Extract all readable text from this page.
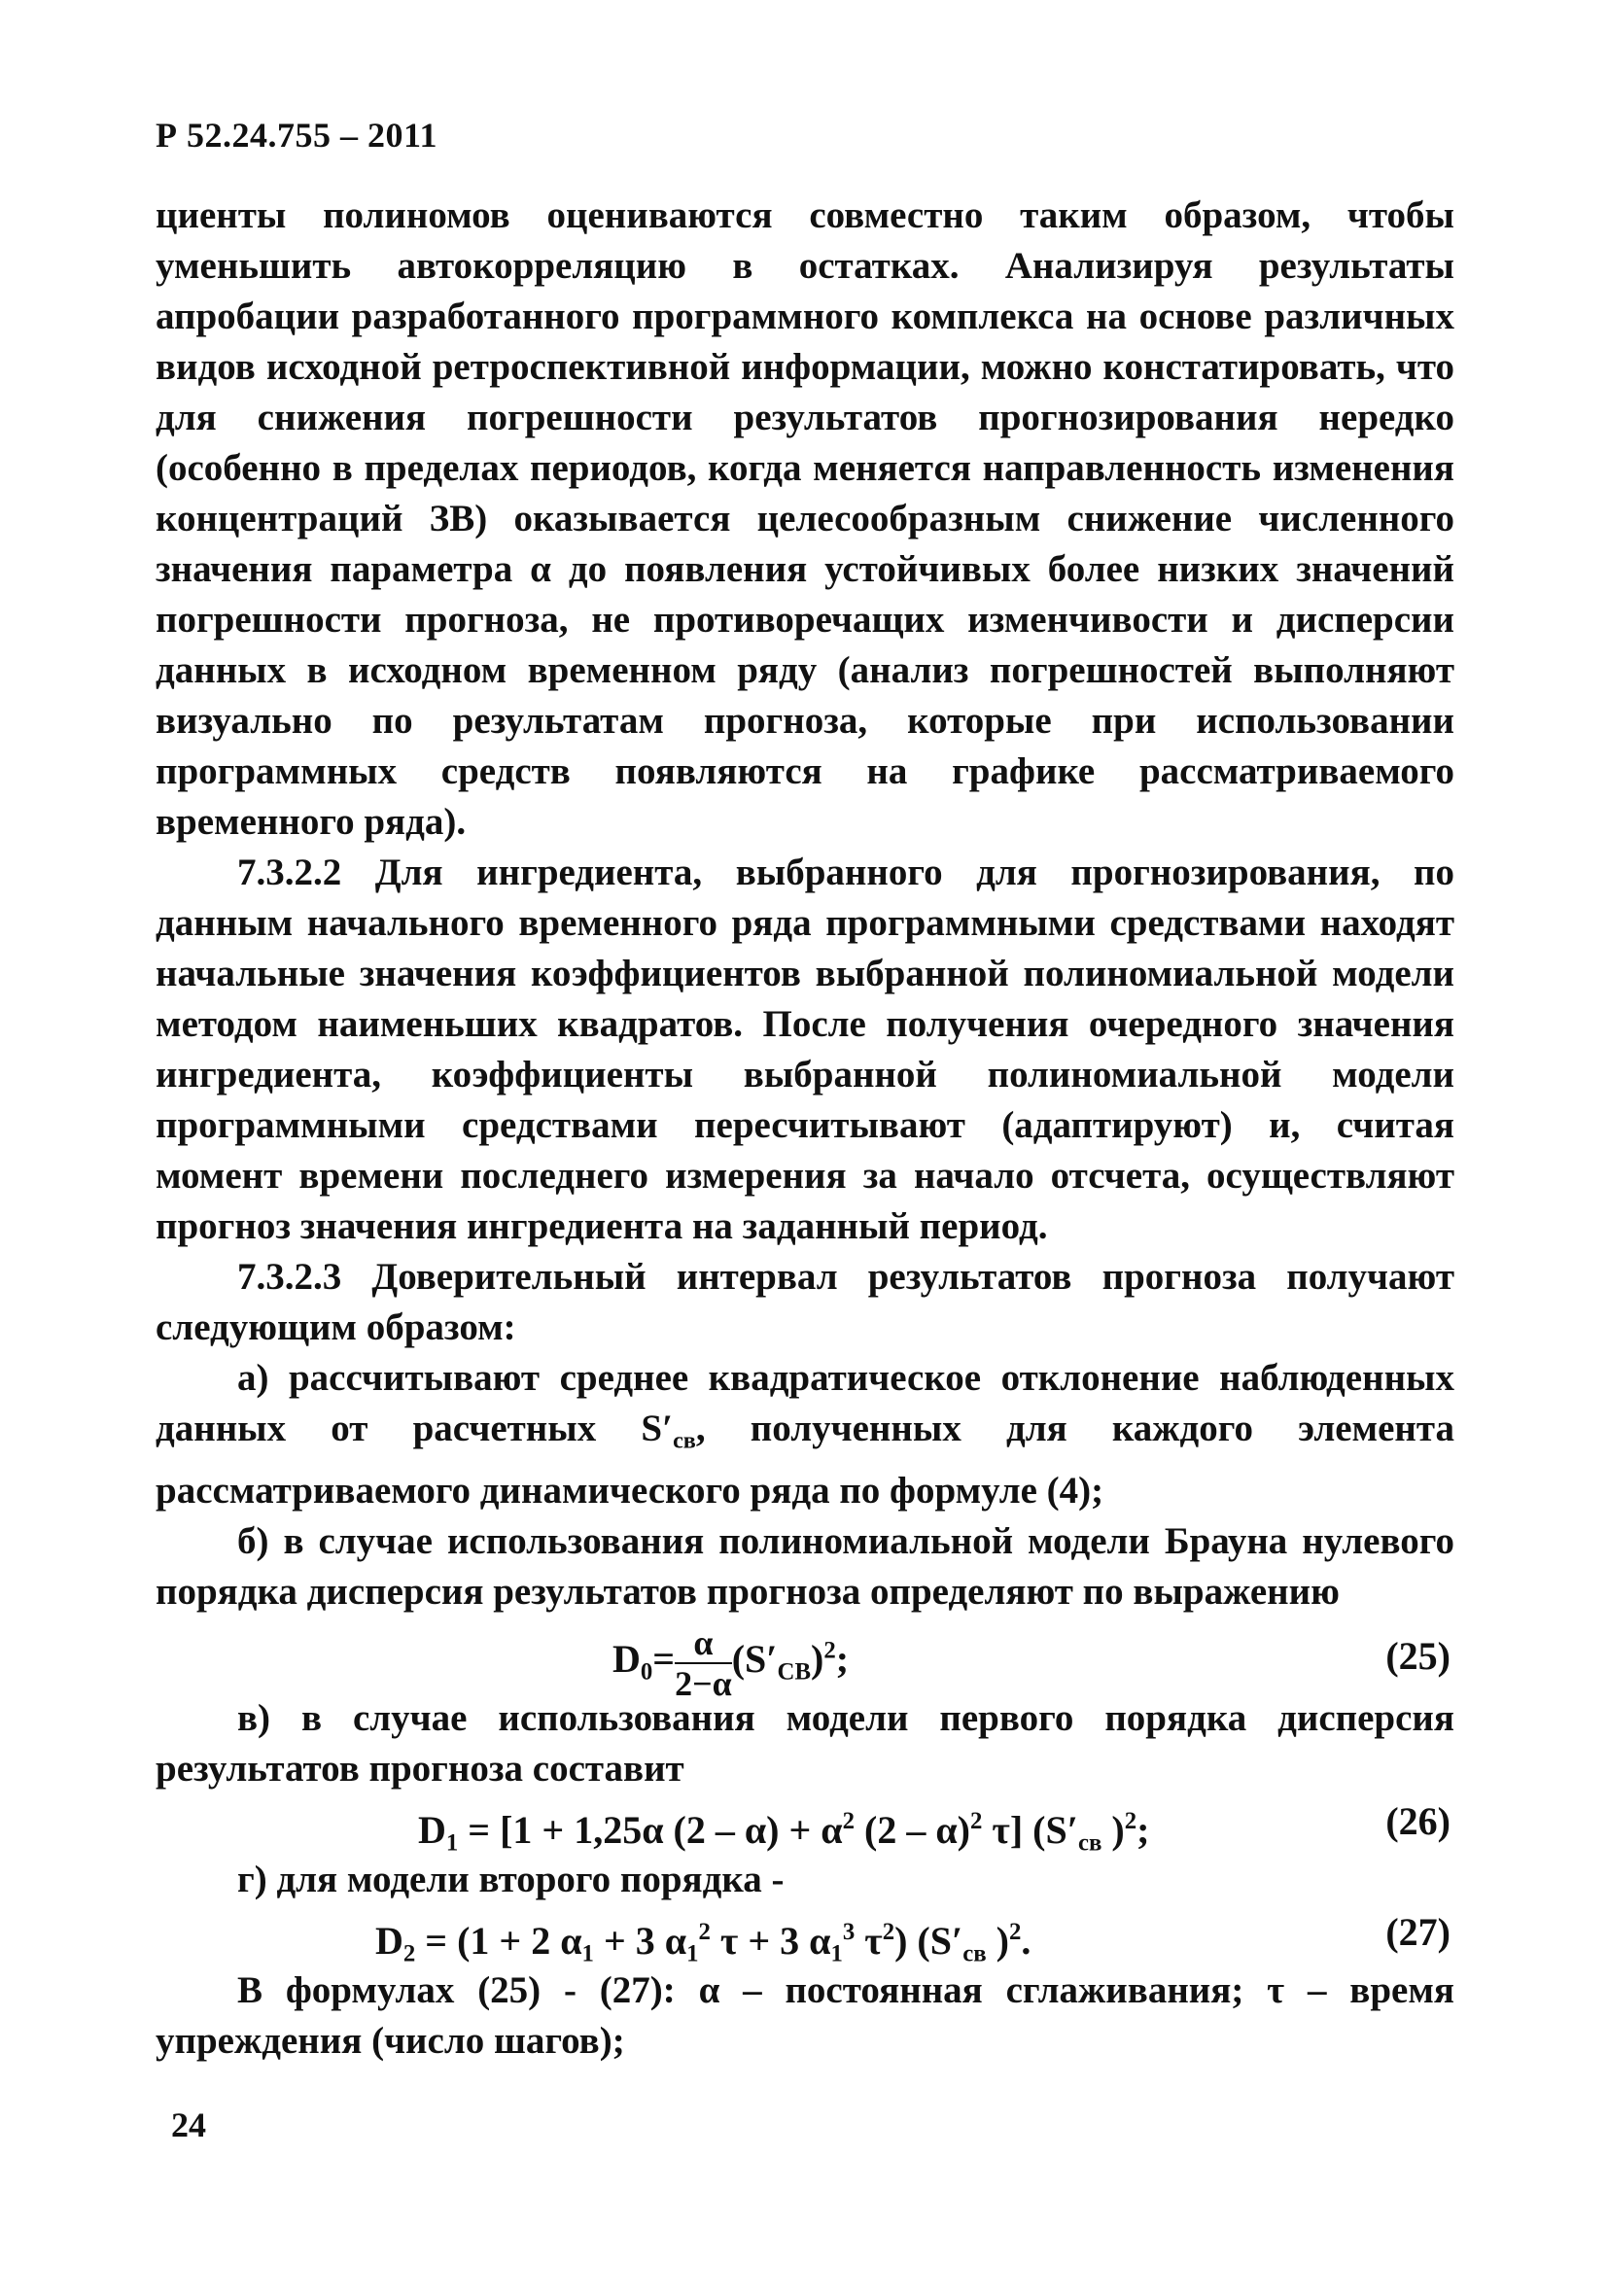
Р 52.24.755 – 2011

циенты полиномов оцениваются совместно таким образом, чтобы уменьшить автокорреляцию в остатках. Анализируя результаты апробации разработанного программного комплекса на основе различных видов исходной ретроспективной информации, можно констатировать, что для снижения погрешности результатов прогнозирования нередко (особенно в пределах периодов, когда меняется направленность изменения концентраций ЗВ) оказывается целесообразным снижение численного значения параметра α до появления устойчивых более низких значений погрешности прогноза, не противоречащих изменчивости и дисперсии данных в исходном временном ряду (анализ погрешностей выполняют визуально по результатам прогноза, которые при использовании программных средств появляются на графике рассматриваемого временного ряда).

7.3.2.2 Для ингредиента, выбранного для прогнозирования, по данным начального временного ряда программными средствами находят начальные значения коэффициентов выбранной полиномиальной модели методом наименьших квадратов. После получения очередного значения ингредиента, коэффициенты выбранной полиномиальной модели программными средствами пересчитывают (адаптируют) и, считая момент времени последнего измерения за начало отсчета, осуществляют прогноз значения ингредиента на заданный период.

7.3.2.3 Доверительный интервал результатов прогноза получают следующим образом:

а) рассчитывают среднее квадратическое отклонение наблюденных данных от расчетных $S'_{св}$, полученных для каждого элемента рассматриваемого динамического ряда по формуле (4);

б) в случае использования полиномиальной модели Брауна нулевого порядка дисперсия результатов прогноза определяют по выражению

$D_0= \frac{\alpha}{2-\alpha} (S'_{СВ})^2$;	(25)

в) в случае использования модели первого порядка дисперсия результатов прогноза составит

$D_1 = [1 + 1,25\alpha$ $(2 - \alpha) + \alpha^2$ (2 – α)$^2$ τ] ($S'_{св}$ )$^2$;	(26)

г) для модели второго порядка -

$D_2 = (1 + 2$ $\alpha_1 + 3$ $\alpha_1^2$ τ + 3 $\alpha_1^3$ $\tau^2$) ($S'_{св}$ )$^2$.	(27)

В формулах (25) - (27): α – постоянная сглаживания; τ – время упреждения (число шагов);

24
